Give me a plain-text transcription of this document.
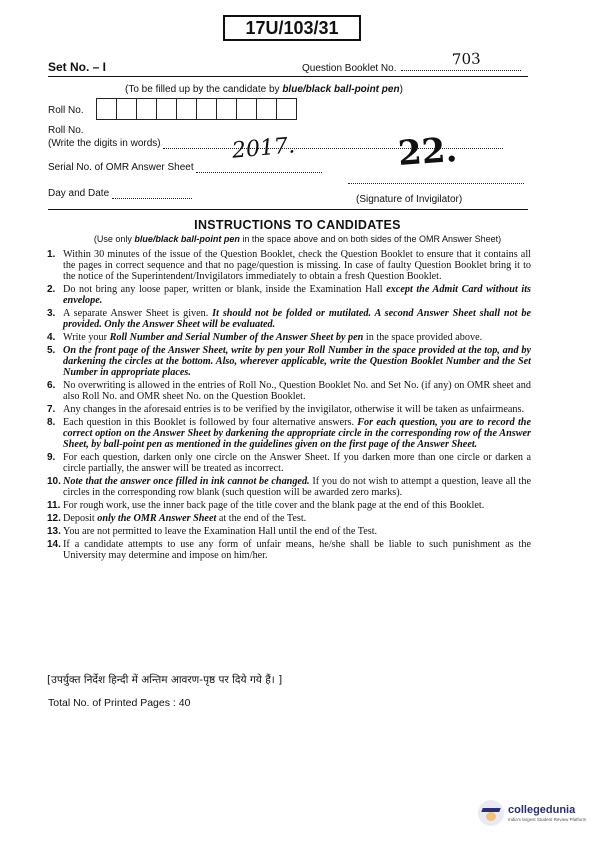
17U/103/31
Set No. – I	Question Booklet No.
703
(To be filled up by the candidate by blue/black ball-point pen)
Roll No.
Roll No.
(Write the digits in words)	2017.
Serial No. of OMR Answer Sheet	22.
Day and Date
(Signature of Invigilator)
INSTRUCTIONS TO CANDIDATES
(Use only blue/black ball-point pen in the space above and on both sides of the OMR Answer Sheet)
1. Within 30 minutes of the issue of the Question Booklet, check the Question Booklet to ensure that it contains all the pages in correct sequence and that no page/question is missing. In case of faulty Question Booklet bring it to the notice of the Superintendent/Invigilators immediately to obtain a fresh Question Booklet.
2. Do not bring any loose paper, written or blank, inside the Examination Hall except the Admit Card without its envelope.
3. A separate Answer Sheet is given. It should not be folded or mutilated. A second Answer Sheet shall not be provided. Only the Answer Sheet will be evaluated.
4. Write your Roll Number and Serial Number of the Answer Sheet by pen in the space provided above.
5. On the front page of the Answer Sheet, write by pen your Roll Number in the space provided at the top, and by darkening the circles at the bottom. Also, wherever applicable, write the Question Booklet Number and the Set Number in appropriate places.
6. No overwriting is allowed in the entries of Roll No., Question Booklet No. and Set No. (if any) on OMR sheet and also Roll No. and OMR sheet No. on the Question Booklet.
7. Any changes in the aforesaid entries is to be verified by the invigilator, otherwise it will be taken as unfairmeans.
8. Each question in this Booklet is followed by four alternative answers. For each question, you are to record the correct option on the Answer Sheet by darkening the appropriate circle in the corresponding row of the Answer Sheet, by ball-point pen as mentioned in the guidelines given on the first page of the Answer Sheet.
9. For each question, darken only one circle on the Answer Sheet. If you darken more than one circle or darken a circle partially, the answer will be treated as incorrect.
10. Note that the answer once filled in ink cannot be changed. If you do not wish to attempt a question, leave all the circles in the corresponding row blank (such question will be awarded zero marks).
11. For rough work, use the inner back page of the title cover and the blank page at the end of this Booklet.
12. Deposit only the OMR Answer Sheet at the end of the Test.
13. You are not permitted to leave the Examination Hall until the end of the Test.
14. If a candidate attempts to use any form of unfair means, he/she shall be liable to such punishment as the University may determine and impose on him/her.
[उपर्युक्त निर्देश हिन्दी में अन्तिम आवरण-पृष्ठ पर दिये गये हैं। ]
Total No. of Printed Pages : 40
collegedunia
India's largest Student Review Platform
